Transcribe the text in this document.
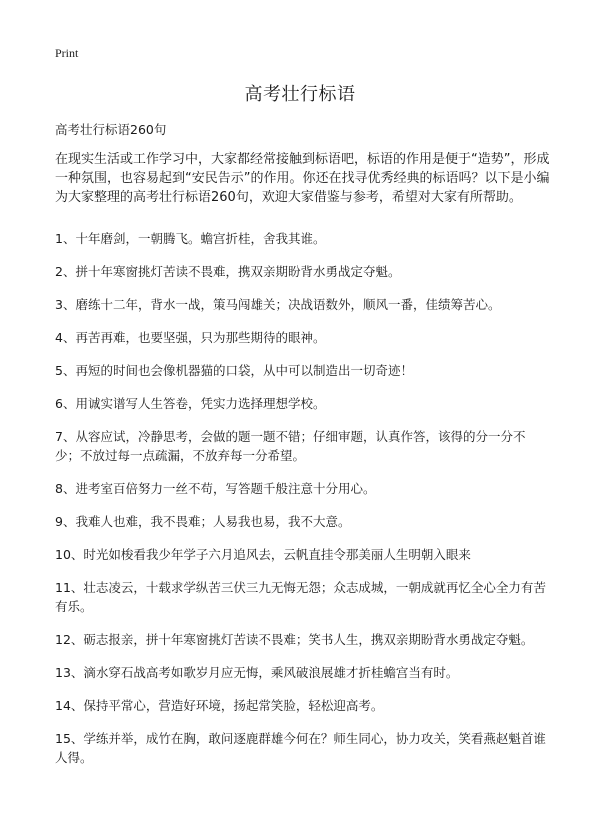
Print
高考壮行标语

高考壮行标语260句

在现实生活或工作学习中，大家都经常接触到标语吧，标语的作用是便于“造势”，形成一种氛围，也容易起到“安民告示”的作用。你还在找寻优秀经典的标语吗？以下是小编为大家整理的高考壮行标语260句，欢迎大家借鉴与参考，希望对大家有所帮助。

1、十年磨剑，一朝腾飞。蟾宫折桂，舍我其谁。
2、拼十年寒窗挑灯苦读不畏难，携双亲期盼背水勇战定夺魁。
3、磨练十二年，背水一战，策马闯雄关；决战语数外，顺风一番，佳绩筹苦心。
4、再苦再难，也要坚强，只为那些期待的眼神。
5、再短的时间也会像机器猫的口袋，从中可以制造出一切奇迹！
6、用诚实谱写人生答卷，凭实力选择理想学校。
7、从容应试，冷静思考，会做的题一题不错；仔细审题，认真作答，该得的分一分不少；不放过每一点疏漏，不放弃每一分希望。
8、进考室百倍努力一丝不苟，写答题千般注意十分用心。
9、我难人也难，我不畏难；人易我也易，我不大意。
10、时光如梭看我少年学子六月追风去，云帆直挂令那美丽人生明朝入眼来
11、壮志凌云，十载求学纵苦三伏三九无悔无怨；众志成城，一朝成就再忆全心全力有苦有乐。
12、砺志报亲，拼十年寒窗挑灯苦读不畏难；笑书人生，携双亲期盼背水勇战定夺魁。
13、滴水穿石战高考如歌岁月应无悔，乘风破浪展雄才折桂蟾宫当有时。
14、保持平常心，营造好环境，扬起常笑脸，轻松迎高考。
15、学练并举，成竹在胸，敢问逐鹿群雄今何在？师生同心，协力攻关，笑看燕赵魁首谁人得。
